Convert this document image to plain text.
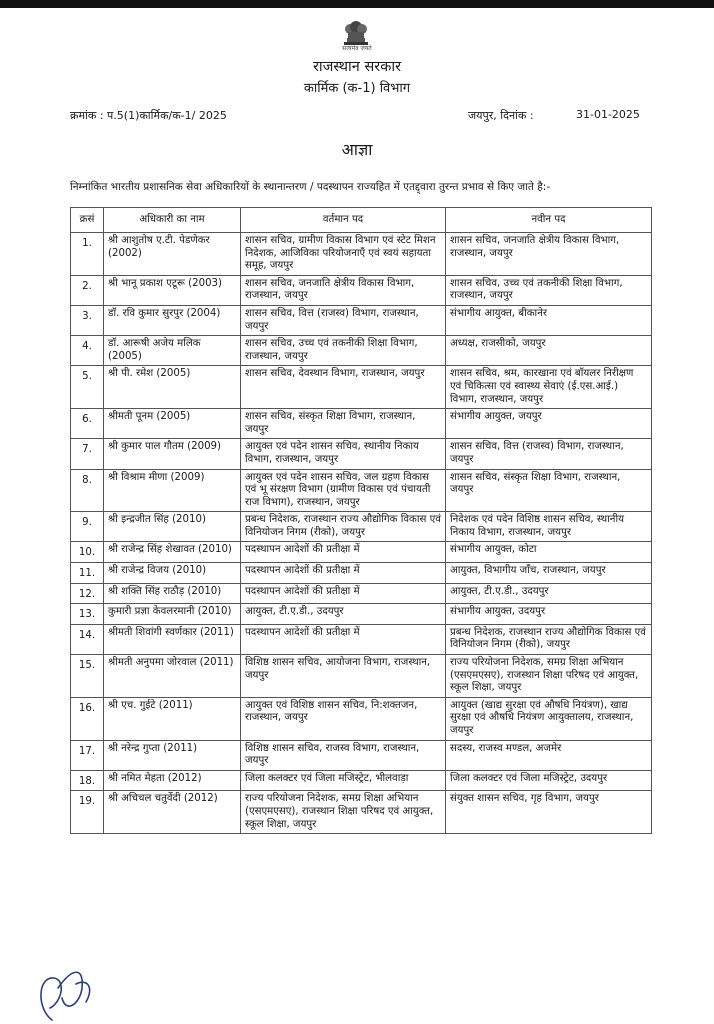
सत्यमेव जयते
राजस्थान सरकार
कार्मिक (क-1) विभाग
क्रमांक : प.5(1)कार्मिक/क-1/ 2025	जयपुर, दिनांक :	31-01-2025
आज्ञा
निम्नांकित भारतीय प्रशासनिक सेवा अधिकारियों के स्थानान्तरण / पदस्थापन राज्यहित में एतद्द्वारा तुरन्त प्रभाव से किए जाते है:-
क्रसं	अधिकारी का नाम	वर्तमान पद	नवीन पद
1.	श्री आशुतोष ए.टी. पेडणेकर (2002)	शासन सचिव, ग्रामीण विकास विभाग एवं स्टेट मिशन निदेशक, आजिविका परियोजनाएँ एवं स्वयं सहायता समूह, जयपुर	शासन सचिव, जनजाति क्षेत्रीय विकास विभाग, राजस्थान, जयपुर
2.	श्री भानू प्रकाश एटूरू (2003)	शासन सचिव, जनजाति क्षेत्रीय विकास विभाग, राजस्थान, जयपुर	शासन सचिव, उच्च एवं तकनीकी शिक्षा विभाग, राजस्थान, जयपुर
3.	डॉ. रवि कुमार सुरपुर (2004)	शासन सचिव, वित्त (राजस्व) विभाग, राजस्थान, जयपुर	संभागीय आयुक्त, बीकानेर
4.	डॉ. आरूषी अजेय मलिक (2005)	शासन सचिव, उच्च एवं तकनीकी शिक्षा विभाग, राजस्थान, जयपुर	अध्यक्ष, राजसीको, जयपुर
5.	श्री पी. रमेश (2005)	शासन सचिव, देवस्थान विभाग, राजस्थान, जयपुर	शासन सचिव, श्रम, कारखाना एवं बॉयलर निरीक्षण एवं चिकित्सा एवं स्वास्थ्य सेवाएं (ई.एस.आई.) विभाग, राजस्थान, जयपुर
6.	श्रीमती पूनम (2005)	शासन सचिव, संस्कृत शिक्षा विभाग, राजस्थान, जयपुर	संभागीय आयुक्त, जयपुर
7.	श्री कुमार पाल गौतम (2009)	आयुक्त एवं पदेन शासन सचिव, स्थानीय निकाय विभाग, राजस्थान, जयपुर	शासन सचिव, वित्त (राजस्व) विभाग, राजस्थान, जयपुर
8.	श्री विश्राम मीणा (2009)	आयुक्त एवं पदेन शासन सचिव, जल ग्रहण विकास एवं भू संरक्षण विभाग (ग्रामीण विकास एवं पंचायती राज विभाग), राजस्थान, जयपुर	शासन सचिव, संस्कृत शिक्षा विभाग, राजस्थान, जयपुर
9.	श्री इन्द्रजीत सिंह (2010)	प्रबन्ध निदेशक, राजस्थान राज्य औद्योगिक विकास एवं विनियोजन निगम (रीको), जयपुर	निदेशक एवं पदेन विशिष्ठ शासन सचिव, स्थानीय निकाय विभाग, राजस्थान, जयपुर
10.	श्री राजेन्द्र सिंह शेखावत (2010)	पदस्थापन आदेशों की प्रतीक्षा में	संभागीय आयुक्त, कोटा
11.	श्री राजेन्द्र विजय (2010)	पदस्थापन आदेशों की प्रतीक्षा में	आयुक्त, विभागीय जाँच, राजस्थान, जयपुर
12.	श्री शक्ति सिंह राठौड़ (2010)	पदस्थापन आदेशों की प्रतीक्षा में	आयुक्त, टी.ए.डी., उदयपुर
13.	कुमारी प्रज्ञा केवलरमानी (2010)	आयुक्त, टी.ए.डी., उदयपुर	संभागीय आयुक्त, उदयपुर
14.	श्रीमती शिवांगी स्वर्णकार (2011)	पदस्थापन आदेशों की प्रतीक्षा में	प्रबन्ध निदेशक, राजस्थान राज्य औद्योगिक विकास एवं विनियोजन निगम (रीको), जयपुर
15.	श्रीमती अनुपमा जोरवाल (2011)	विशिष्ठ शासन सचिव, आयोजना विभाग, राजस्थान, जयपुर	राज्य परियोजना निदेशक, समग्र शिक्षा अभियान (एसएमएसए), राजस्थान शिक्षा परिषद एवं आयुक्त, स्कूल शिक्षा, जयपुर
16.	श्री एच. गुईटे (2011)	आयुक्त एवं विशिष्ठ शासन सचिव, नि:शक्तजन, राजस्थान, जयपुर	आयुक्त (खाद्य सुरक्षा एवं औषधि नियंत्रण), खाद्य सुरक्षा एवं औषधि नियंत्रण आयुक्तालय, राजस्थान, जयपुर
17.	श्री नरेन्द्र गुप्ता (2011)	विशिष्ठ शासन सचिव, राजस्व विभाग, राजस्थान, जयपुर	सदस्य, राजस्व मण्डल, अजमेर
18.	श्री नमित मेहता (2012)	जिला कलक्टर एवं जिला मजिस्ट्रेट, भीलवाड़ा	जिला कलक्टर एवं जिला मजिस्ट्रेट, उदयपुर
19.	श्री अचिचल चतुर्वेदी (2012)	राज्य परियोजना निदेशक, समग्र शिक्षा अभियान (एसएमएसए), राजस्थान शिक्षा परिषद एवं आयुक्त, स्कूल शिक्षा, जयपुर	संयुक्त शासन सचिव, गृह विभाग, जयपुर
